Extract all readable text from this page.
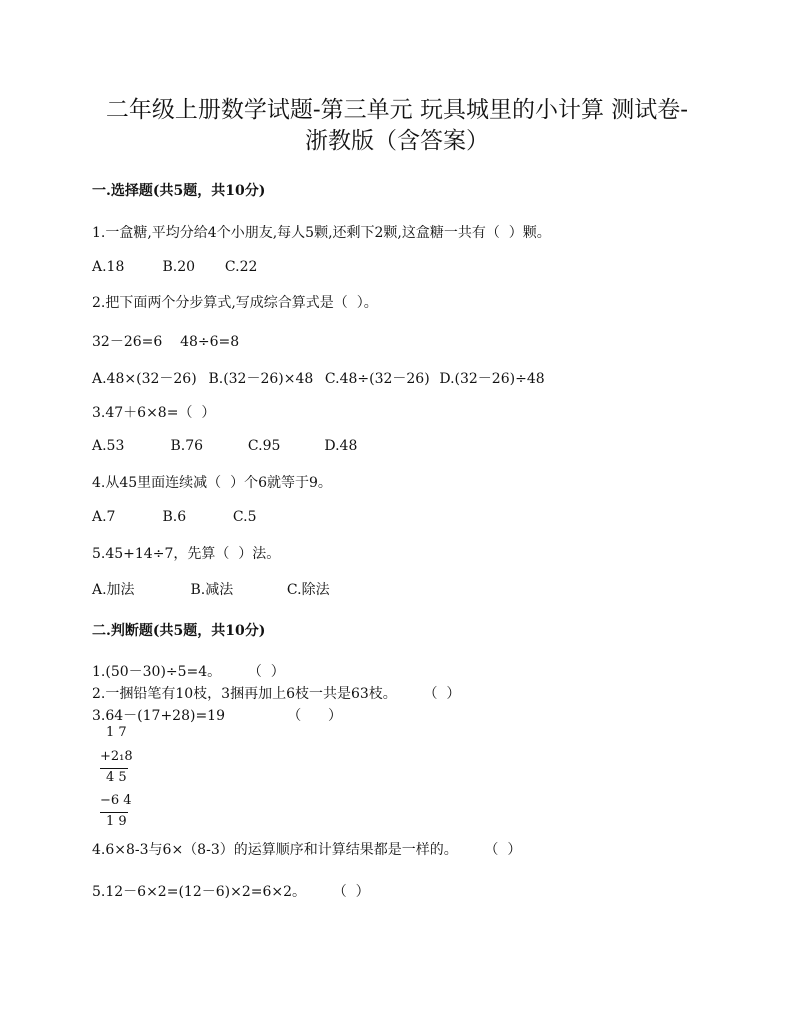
二年级上册数学试题-第三单元 玩具城里的小计算 测试卷-
浙教版（含答案）
一.选择题(共5题，共10分)
1.一盒糖,平均分给4个小朋友,每人5颗,还剩下2颗,这盒糖一共有（  ）颗。
A.18	B.20 C.22
2.把下面两个分步算式,写成综合算式是（  ）。
32－26=6    48÷6=8
A.48×(32－26) B.(32－26)×48 C.48÷(32－26) D.(32－26)÷48
3.47＋6×8=（  ）
A.53	B.76	C.95	D.48
4.从45里面连续减（  ）个6就等于9。
A.7	B.6	C.5
5.45+14÷7，先算（  ）法。
A.加法	B.减法	C.除法
二.判断题(共5题，共10分)
1.(50－30)÷5=4。      （  ）
2.一捆铅笔有10枝，3捆再加上6枝一共是63枝。      （  ）
3.64－(17+28)=19              （      ）
1 7
+2₁8
4 5
−6 4
1 9
4.6×8-3与6×（8-3）的运算顺序和计算结果都是一样的。      （  ）
5.12－6×2=(12－6)×2=6×2。      （  ）
